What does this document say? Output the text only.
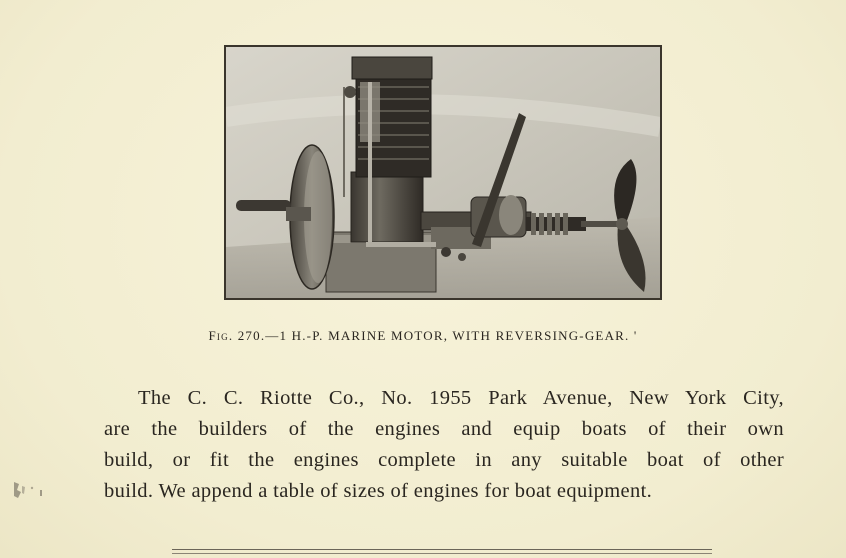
Fig. 270.—1 H.-P. MARINE MOTOR, WITH REVERSING-GEAR. '
The C. C. Riotte Co., No. 1955 Park Avenue, New York City,
are the builders of the engines and equip boats of their own
build, or fit the engines complete in any suitable boat of other
build. We append a table of sizes of engines for boat equipment.
